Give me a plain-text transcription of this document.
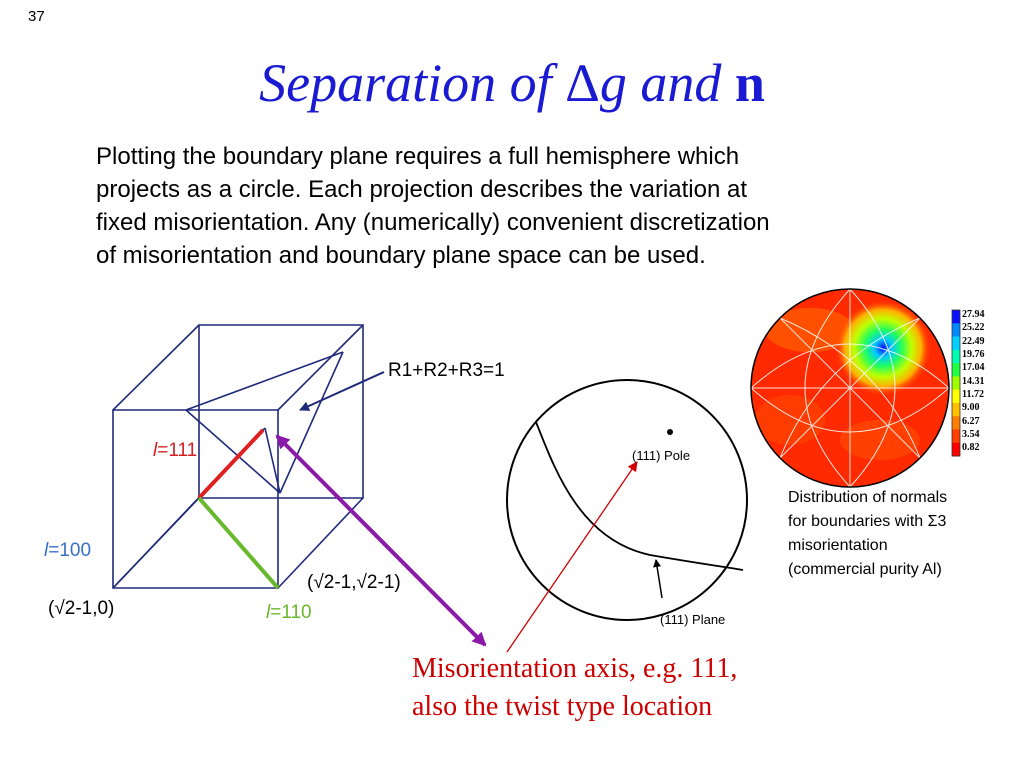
37
Separation of Δg and n

Plotting the boundary plane requires a full hemisphere which

projects as a circle. Each projection describes the variation at

fixed misorientation. Any (numerically) convenient discretization

of misorientation and boundary plane space can be used.

27.94
25.22
22.49
19.76
17.04
14.31
11.72
9.00
6.27
3.54
0.82
R1+R2+R3=1
l=111
l=100
l=110
(√2-1,0)
(√2-1,√2-1)
(111) Pole
(111) Plane
Distribution of normals
for boundaries with Σ3
misorientation
(commercial purity Al)
Misorientation axis, e.g. 111,
also the twist type location
